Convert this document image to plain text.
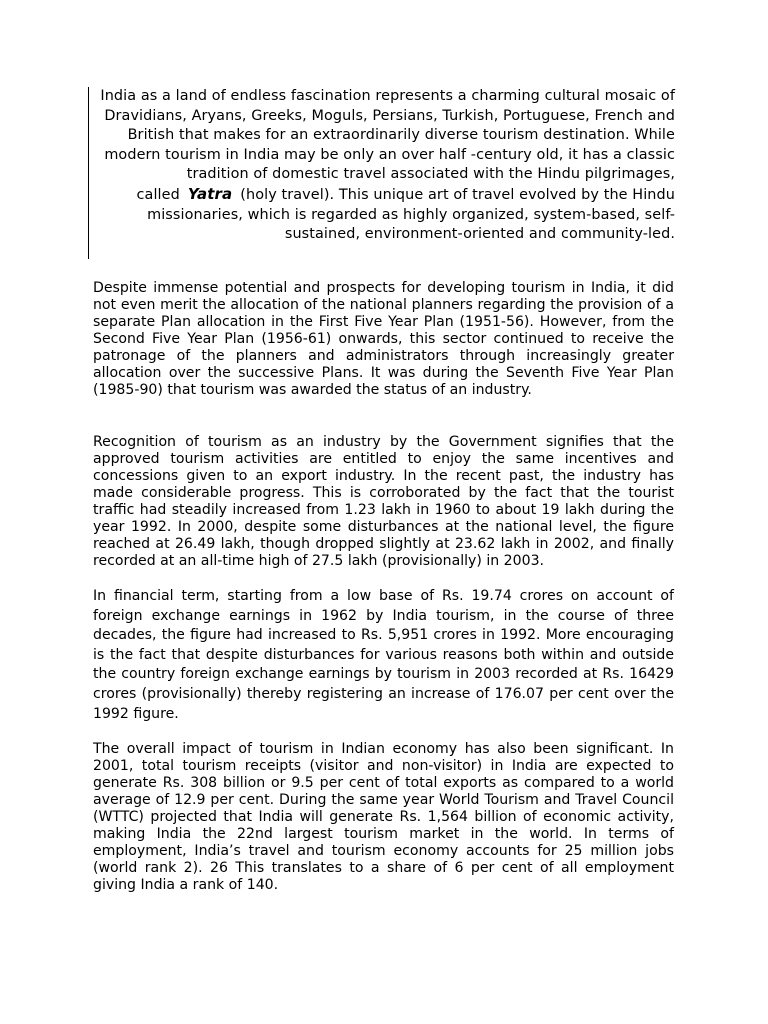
India as a land of endless fascination represents a charming cultural mosaic of Dravidians, Aryans, Greeks, Moguls, Persians, Turkish, Portuguese, French and British that makes for an extraordinarily diverse tourism destination. While modern tourism in India may be only an over half -century old, it has a classic tradition of domestic travel associated with the Hindu pilgrimages, called Yatra (holy travel). This unique art of travel evolved by the Hindu missionaries, which is regarded as highly organized, system-based, self-sustained, environment-oriented and community-led.

Despite immense potential and prospects for developing tourism in India, it did not even merit the allocation of the national planners regarding the provision of a separate Plan allocation in the First Five Year Plan (1951-56). However, from the Second Five Year Plan (1956-61) onwards, this sector continued to receive the patronage of the planners and administrators through increasingly greater allocation over the successive Plans. It was during the Seventh Five Year Plan (1985-90) that tourism was awarded the status of an industry.

Recognition of tourism as an industry by the Government signifies that the approved tourism activities are entitled to enjoy the same incentives and concessions given to an export industry. In the recent past, the industry has made considerable progress. This is corroborated by the fact that the tourist traffic had steadily increased from 1.23 lakh in 1960 to about 19 lakh during the year 1992. In 2000, despite some disturbances at the national level, the figure reached at 26.49 lakh, though dropped slightly at 23.62 lakh in 2002, and finally recorded at an all-time high of 27.5 lakh (provisionally) in 2003.

In financial term, starting from a low base of Rs. 19.74 crores on account of foreign exchange earnings in 1962 by India tourism, in the course of three decades, the figure had increased to Rs. 5,951 crores in 1992. More encouraging is the fact that despite disturbances for various reasons both within and outside the country foreign exchange earnings by tourism in 2003 recorded at Rs. 16429 crores (provisionally) thereby registering an increase of 176.07 per cent over the 1992 figure.

The overall impact of tourism in Indian economy has also been significant. In 2001, total tourism receipts (visitor and non-visitor) in India are expected to generate Rs. 308 billion or 9.5 per cent of total exports as compared to a world average of 12.9 per cent. During the same year World Tourism and Travel Council (WTTC) projected that India will generate Rs. 1,564 billion of economic activity, making India the 22nd largest tourism market in the world. In terms of employment, India’s travel and tourism economy accounts for 25 million jobs (world rank 2). 26 This translates to a share of 6 per cent of all employment giving India a rank of 140.
